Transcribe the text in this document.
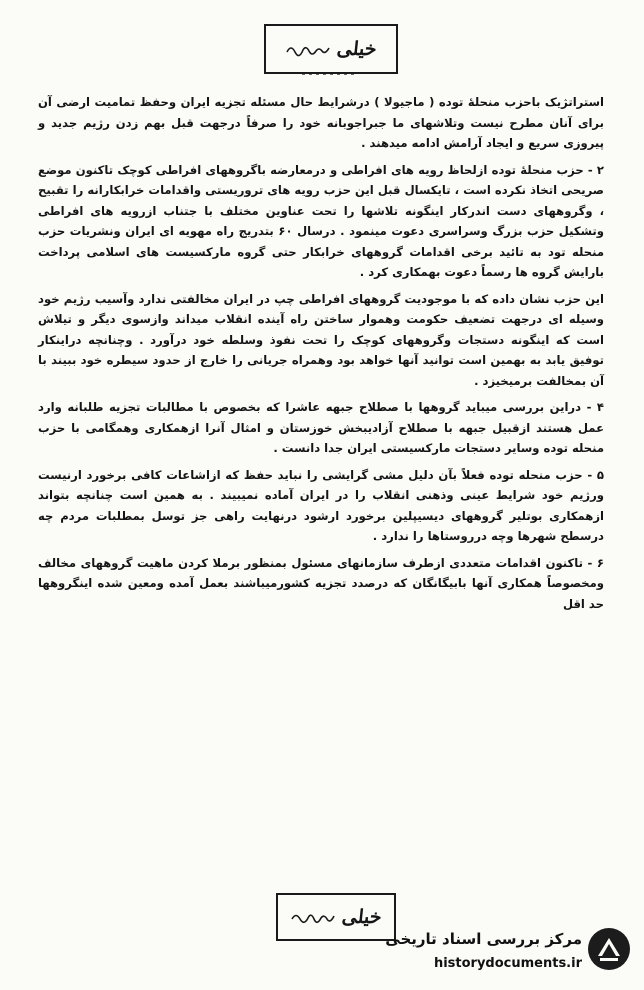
خیلی

استراتژیک باحزب منحلهٔ توده ( ماجیولا ) درشرایط حال مسئله تجزیه ایران وحفظ تمامیت ارضی آن برای آنان مطرح نیست وتلاشهای ما جبراجوبانه خود را صرفاً درجهت قبل بهم زدن رژیم جدید و پیروزی سریع و ایجاد آرامش ادامه میدهند .

۲ - حزب منحلهٔ توده ازلحاظ رویه های افراطی و درمعارضه باگروههای افراطی کوچک تاکنون موضع صریحی اتخاذ نکرده است ، تایکسال قبل این حزب رویه های تروریستی واقدامات خرابکارانه را تقبیح ، وگروههای دست اندرکار اینگونه تلاشها را تحت عناوین مختلف با جتناب ازرویه های افراطی وتشکیل حزب بزرگ وسراسری دعوت مینمود . درسال ۶۰ بتدریج راه مهویه ای ایران ونشریات حزب منحله تود به تائید برخی اقدامات گروههای خرابکار حتی گروه مارکسیست های اسلامی پرداخت بارایش گروه ها رسماً دعوت بهمکاری کرد .

این حزب نشان داده که با موجودیت گروههای افراطی چپ در ایران مخالفتی ندارد وآسیب رژیم خود وسیله ای درجهت تضعیف حکومت وهموار ساختن راه آینده انقلاب میداند وازسوی دیگر و تیلاش است که اینگونه دستجات وگروههای کوچک را تحت نفوذ وسلطه خود درآورد . وچنانچه دراینکار توفیق یابد به بهمین است توانید آنها خواهد بود وهمراه جریانی را خارج از حدود سیطره خود ببیند با آن بمخالفت برمیخیزد .

۴ - دراین بررسی میباید گروهها با صطلاح جبهه عاشرا که بخصوص با مطالبات تجزیه طلبانه وارد عمل هستند ازقبیل جبهه با صطلاح آزادیبخش خوزستان و امثال آنرا ازهمکاری وهمگامی با حزب منحله توده وسایر دستجات مارکسیستی ایران جدا دانست .

۵ - حزب منحله توده فعلاً بآن دلیل مشی گرایشی را نباید حفظ که ازاشاعات کافی برخورد ارنیست ورژیم خود شرایط عینی وذهنی انقلاب را در ایران آماده نمیبیند . به همین است چنانچه بتواند ازهمکاری بوتلیر گروههای دیسیپلین برخورد ارشود درنهایت راهی جز توسل بمطلبات مردم چه درسطح شهرها وچه درروستاها را ندارد .

۶ - تاکنون اقدامات متعددی ازطرف سازمانهای مسئول بمنظور برملا کردن ماهیت گروههای مخالف ومخصوصاً همکاری آنها بابیگانگان که درصدد تجزیه کشورمیباشند بعمل آمده ومعین شده اینگروهها حد اقل

خیلی
مرکز بررسی اسناد تاریخی
historydocuments.ir
